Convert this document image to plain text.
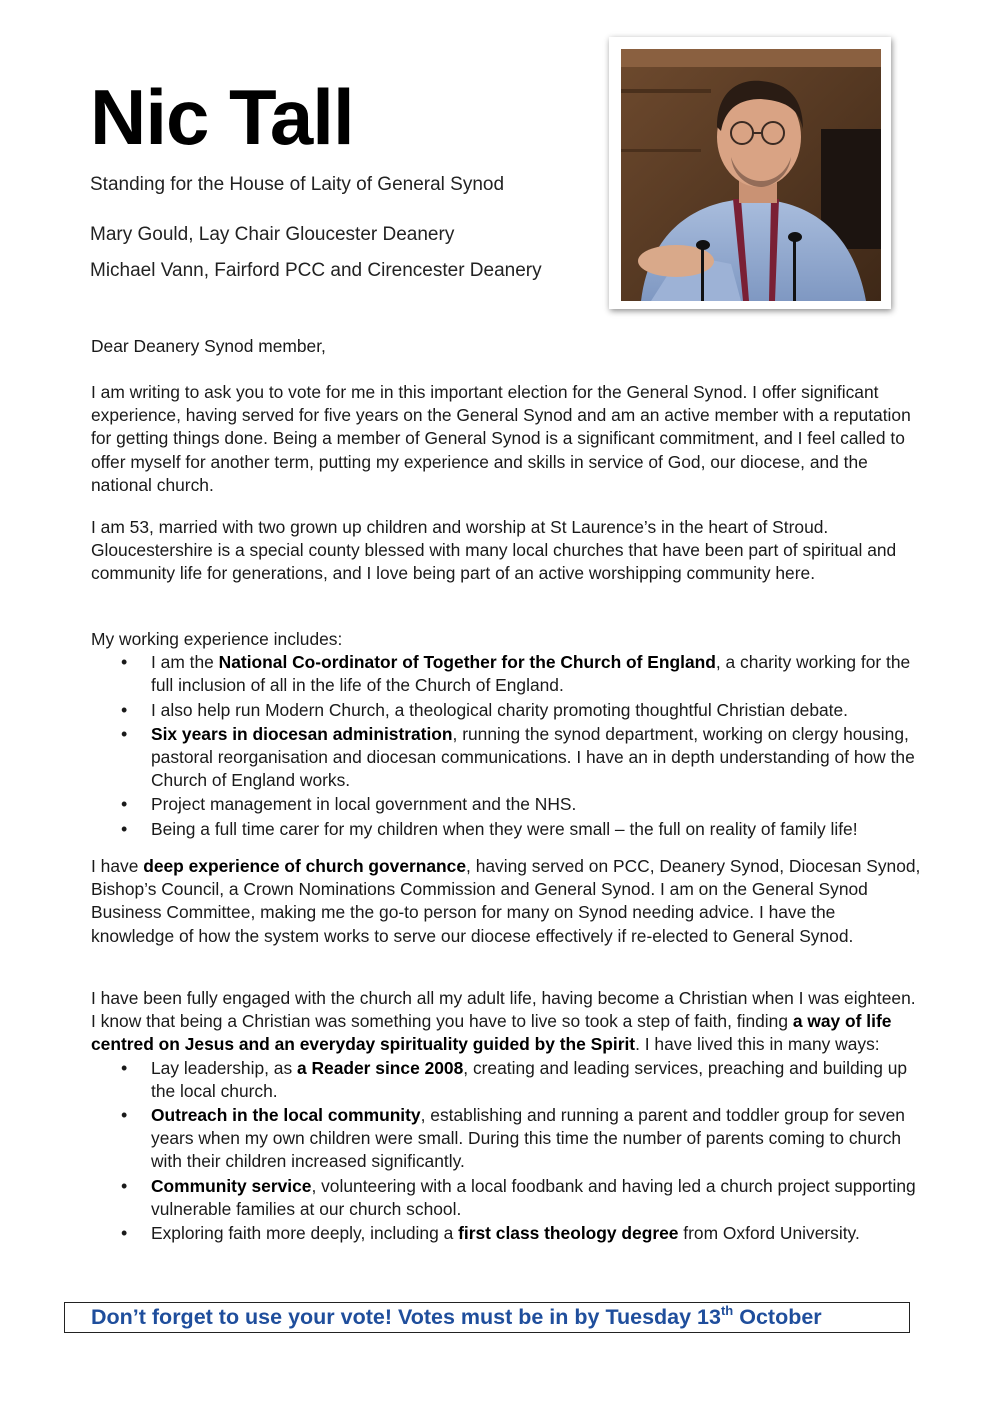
Nic Tall
Standing for the House of Laity of General Synod
Mary Gould, Lay Chair Gloucester Deanery
Michael Vann, Fairford PCC and Cirencester Deanery
Dear Deanery Synod member,

I am writing to ask you to vote for me in this important election for the General Synod. I offer significant experience, having served for five years on the General Synod and am an active member with a reputation for getting things done. Being a member of General Synod is a significant commitment, and I feel called to offer myself for another term, putting my experience and skills in service of God, our diocese, and the national church.

I am 53, married with two grown up children and worship at St Laurence’s in the heart of Stroud. Gloucestershire is a special county blessed with many local churches that have been part of spiritual and community life for generations, and I love being part of an active worshipping community here.

My working experience includes:

• I am the National Co-ordinator of Together for the Church of England, a charity working for the full inclusion of all in the life of the Church of England.
• I also help run Modern Church, a theological charity promoting thoughtful Christian debate.
• Six years in diocesan administration, running the synod department, working on clergy housing, pastoral reorganisation and diocesan communications. I have an in depth understanding of how the Church of England works.
• Project management in local government and the NHS.
• Being a full time carer for my children when they were small – the full on reality of family life!

I have deep experience of church governance, having served on PCC, Deanery Synod, Diocesan Synod, Bishop’s Council, a Crown Nominations Commission and General Synod. I am on the General Synod Business Committee, making me the go-to person for many on Synod needing advice. I have the knowledge of how the system works to serve our diocese effectively if re-elected to General Synod.

I have been fully engaged with the church all my adult life, having become a Christian when I was eighteen. I know that being a Christian was something you have to live so took a step of faith, finding a way of life centred on Jesus and an everyday spirituality guided by the Spirit. I have lived this in many ways:

• Lay leadership, as a Reader since 2008, creating and leading services, preaching and building up the local church.
• Outreach in the local community, establishing and running a parent and toddler group for seven years when my own children were small. During this time the number of parents coming to church with their children increased significantly.
• Community service, volunteering with a local foodbank and having led a church project supporting vulnerable families at our church school.
• Exploring faith more deeply, including a first class theology degree from Oxford University.
Don’t forget to use your vote! Votes must be in by Tuesday 13th October
